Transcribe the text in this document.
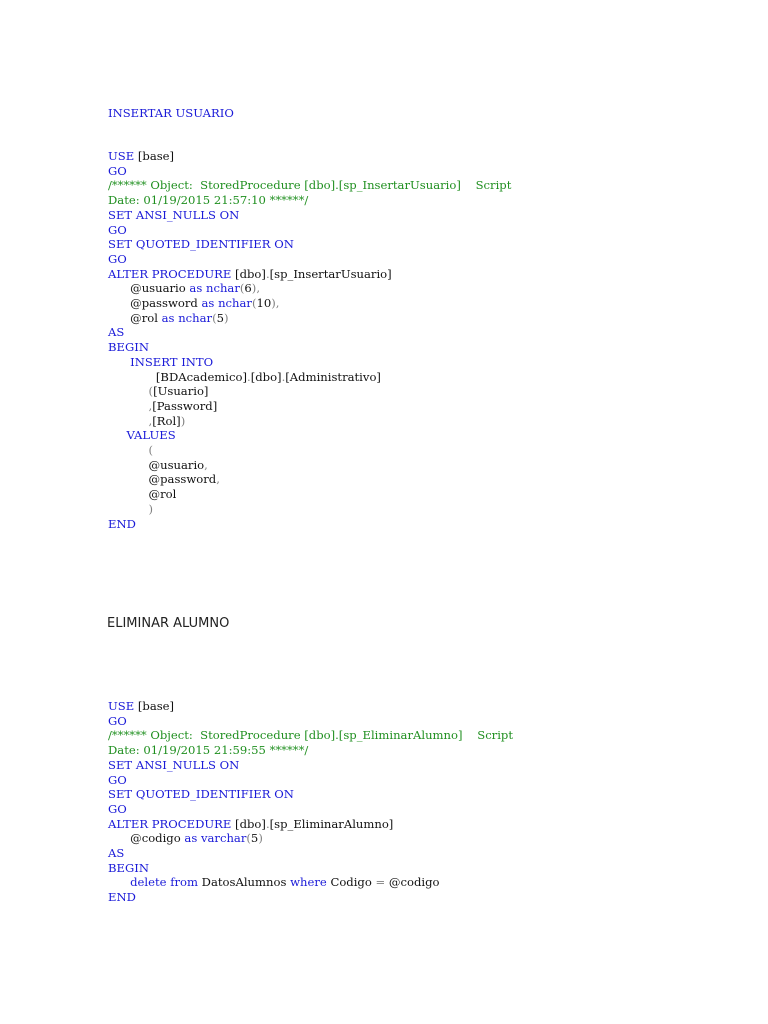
INSERTAR USUARIO
USE [base]
GO
/****** Object:  StoredProcedure [dbo].[sp_InsertarUsuario]    Script
Date: 01/19/2015 21:57:10 ******/
SET ANSI_NULLS ON
GO
SET QUOTED_IDENTIFIER ON
GO
ALTER PROCEDURE [dbo].[sp_InsertarUsuario]
@usuario as nchar(6),
@password as nchar(10),
@rol as nchar(5)
AS
BEGIN
INSERT INTO
[BDAcademico].[dbo].[Administrativo]
([Usuario]
,[Password]
,[Rol])
VALUES
(
@usuario,
@password,
@rol
)
END
ELIMINAR ALUMNO
USE [base]
GO
/****** Object:  StoredProcedure [dbo].[sp_EliminarAlumno]    Script
Date: 01/19/2015 21:59:55 ******/
SET ANSI_NULLS ON
GO
SET QUOTED_IDENTIFIER ON
GO
ALTER PROCEDURE [dbo].[sp_EliminarAlumno]
@codigo as varchar(5)
AS
BEGIN
delete from DatosAlumnos where Codigo = @codigo
END
